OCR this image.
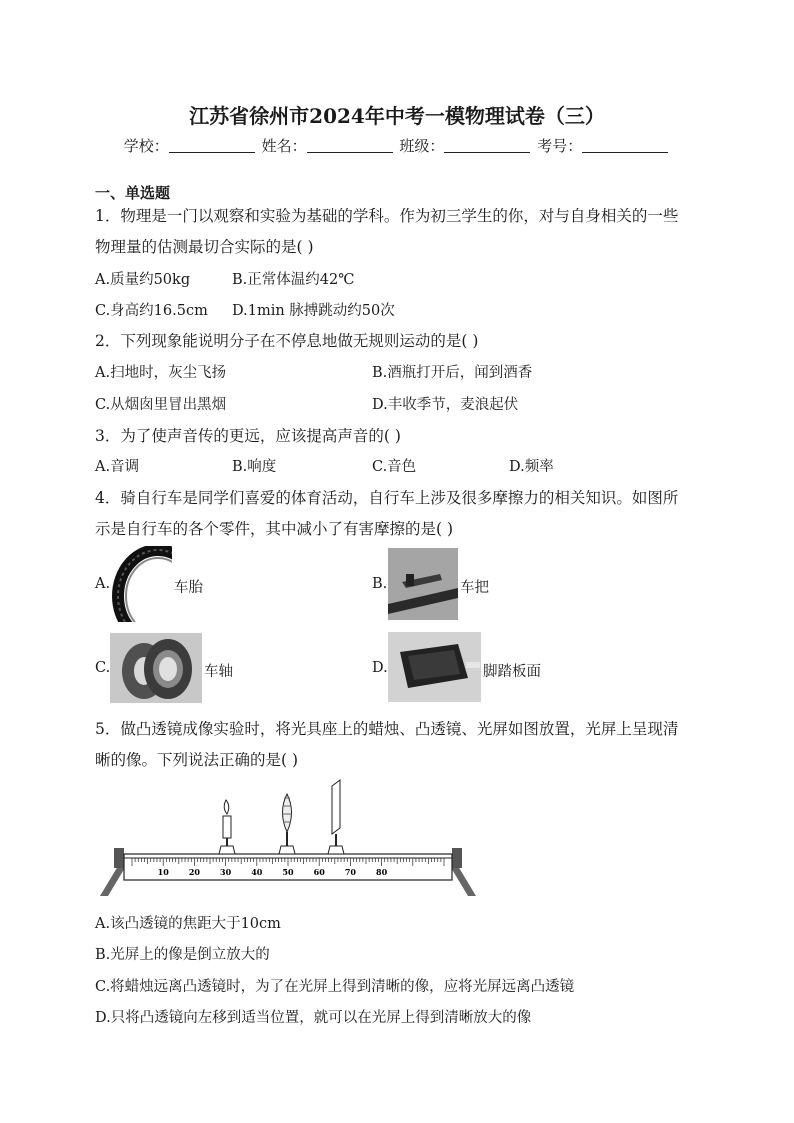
江苏省徐州市2024年中考一模物理试卷（三）
学校：	姓名：	班级：	考号：
一、单选题
1．物理是一门以观察和实验为基础的学科。作为初三学生的你，对与自身相关的一些
物理量的估测最切合实际的是( )
A.质量约50kg	B.正常体温约42℃
C.身高约16.5cm D.1min 脉搏跳动约50次
2．下列现象能说明分子在不停息地做无规则运动的是( )
A.扫地时，灰尘飞扬	B.酒瓶打开后，闻到酒香
C.从烟囱里冒出黑烟	D.丰收季节，麦浪起伏
3．为了使声音传的更远，应该提高声音的( )
A.音调	B.响度	C.音色	D.频率
4．骑自行车是同学们喜爱的体育活动，自行车上涉及很多摩擦力的相关知识。如图所
示是自行车的各个零件，其中减小了有害摩擦的是( )
A.	车胎	B.	车把
C.	车轴	D.	脚踏板面
5．做凸透镜成像实验时，将光具座上的蜡烛、凸透镜、光屏如图放置，光屏上呈现清
晰的像。下列说法正确的是( )
10	20	30	40	50	60	70	80
A.该凸透镜的焦距大于10cm
B.光屏上的像是倒立放大的
C.将蜡烛远离凸透镜时，为了在光屏上得到清晰的像，应将光屏远离凸透镜
D.只将凸透镜向左移到适当位置，就可以在光屏上得到清晰放大的像
